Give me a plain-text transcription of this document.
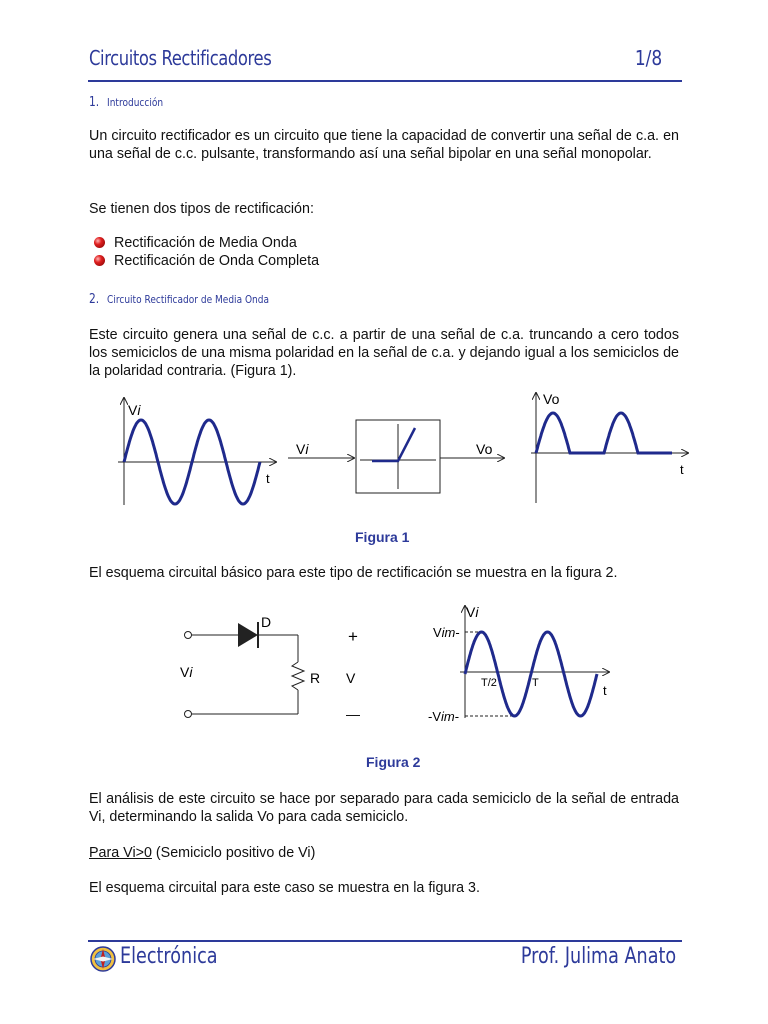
Circuitos Rectificadores	1/8
1. Introducción
Un circuito rectificador es un circuito que tiene la capacidad de convertir una señal de c.a. en una señal de c.c. pulsante, transformando así una señal bipolar en una señal monopolar.
Se tienen dos tipos de rectificación:
Rectificación de Media Onda
Rectificación de Onda Completa
2. Circuito Rectificador de Media Onda
Este circuito genera una señal de c.c. a partir de una señal de c.a. truncando a cero todos los semiciclos de una misma polaridad en la señal de c.a. y dejando igual a los semiciclos de la polaridad contraria. (Figura 1).
Vi
t
Vi	Vo
Vo
t
D
Vi	R
+
V
—
Vi
Vim-
-Vim-
T/2	T	t
Figura 1
El esquema circuital básico para este tipo de rectificación se muestra en la figura 2.
Figura 2
El análisis de este circuito se hace por separado para cada semiciclo de la señal de entrada Vi, determinando la salida Vo para cada semiciclo.
Para Vi>0 (Semiciclo positivo de Vi)
El esquema circuital para este caso se muestra en la figura 3.
Electrónica	Prof. Julima Anato
